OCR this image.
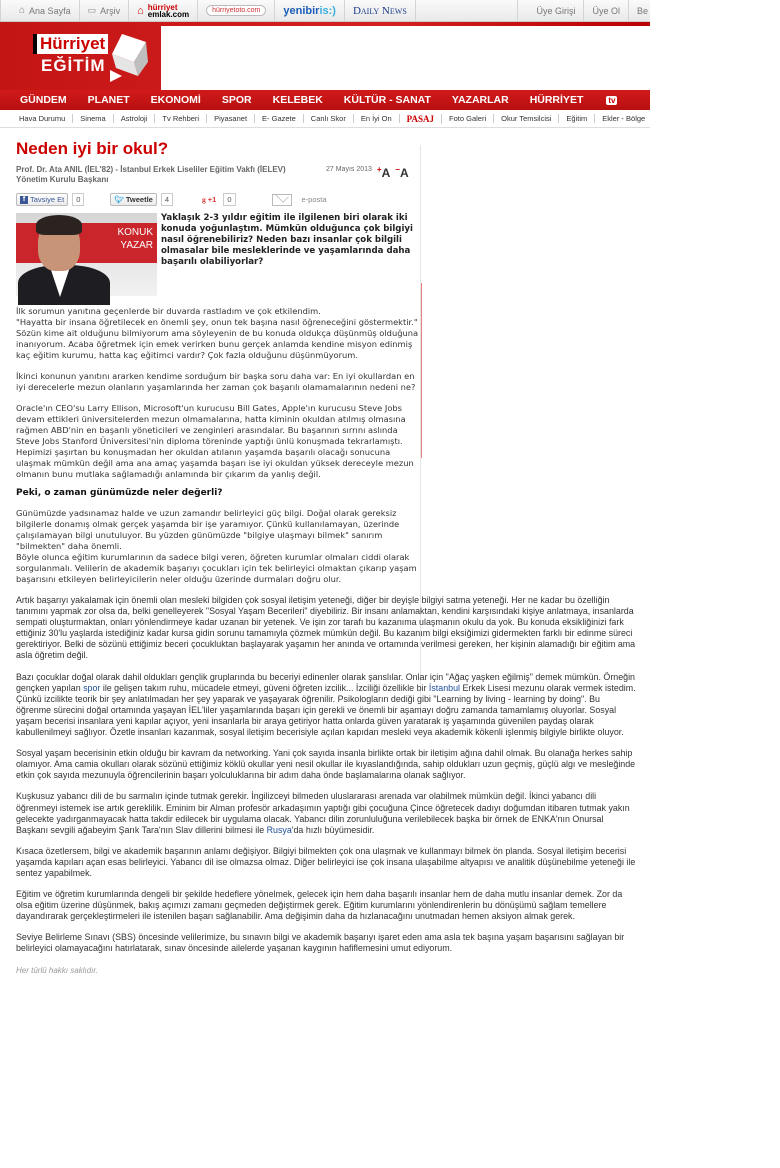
⌂ Ana Sayfa ▭ Arşiv ⌂ hürriyet
emlak.com	hürriyetoto.com	yenibiris:) Daily News	Üye Girişi Üye Ol Be
Hürriyet
EĞİTİM
GÜNDEM PLANET EKONOMİ SPOR KELEBEK KÜLTÜR - SANAT YAZARLAR HÜRRİYET	tv	SAĞLIK - YAŞAM TE
Hava Durumu	Sinema	Astroloji	Tv Rehberi	Piyasanet	E- Gazete	Canlı Skor	En İyi On	PASAJ	Foto Galeri	Okur Temsilcisi	Eğitim	Ekler - Bölge
Neden iyi bir okul?
Prof. Dr. Ata ANIL (İEL'82) - İstanbul Erkek Liseliler Eğitim Vakfı (İELEV) Yönetim Kurulu Başkanı
27 Mayıs 2013 +A −A
f Tavsiye Et	0	🐦︎ Tweetle	4	g +1	0	e-posta
KONUK
YAZAR
Yaklaşık 2-3 yıldır eğitim ile ilgilenen biri olarak iki konuda yoğunlaştım. Mümkün olduğunca çok bilgiyi nasıl öğrenebiliriz? Neden bazı insanlar çok bilgili olmasalar bile mesleklerinde ve yaşamlarında daha başarılı olabiliyorlar?
İlk sorumun yanıtına geçenlerde bir duvarda rastladım ve çok etkilendim.
"Hayatta bir insana öğretilecek en önemli şey, onun tek başına nasıl öğreneceğini göstermektir."
Sözün kime ait olduğunu bilmiyorum ama söyleyenin de bu konuda oldukça düşünmüş olduğuna inanıyorum. Acaba öğretmek için emek verirken bunu gerçek anlamda kendine misyon edinmiş kaç eğitim kurumu, hatta kaç eğitimci vardır? Çok fazla olduğunu düşünmüyorum.
İkinci konunun yanıtını ararken kendime sorduğum bir başka soru daha var: En iyi okullardan en iyi derecelerle mezun olanların yaşamlarında her zaman çok başarılı olamamalarının nedeni ne?
Oracle'ın CEO'su Larry Ellison, Microsoft'un kurucusu Bill Gates, Apple'ın kurucusu Steve Jobs devam ettikleri üniversitelerden mezun olmamalarına, hatta kiminin okuldan atılmış olmasına rağmen ABD'nin en başarılı yöneticileri ve zenginleri arasındalar. Bu başarının sırrını aslında Steve Jobs Stanford Üniversitesi'nin diploma töreninde yaptığı ünlü konuşmada tekrarlamıştı. Hepimizi şaşırtan bu konuşmadan her okuldan atılanın yaşamda başarılı olacağı sonucuna ulaşmak mümkün değil ama ana amaç yaşamda başarı ise iyi okuldan yüksek dereceyle mezun olmanın bunu mutlaka sağlamadığı anlamında bir çıkarım da yanlış değil.
Peki, o zaman günümüzde neler değerli?
Günümüzde yadsınamaz halde ve uzun zamandır belirleyici güç bilgi. Doğal olarak gereksiz bilgilerle donamış olmak gerçek yaşamda bir işe yaramıyor. Çünkü kullanılamayan, üzerinde çalışılamayan bilgi unutuluyor. Bu yüzden günümüzde "bilgiye ulaşmayı bilmek" sanırım "bilmekten" daha önemli.
Böyle olunca eğitim kurumlarının da sadece bilgi veren, öğreten kurumlar olmaları ciddi olarak sorgulanmalı. Velilerin de akademik başarıyı çocukları için tek belirleyici olmaktan çıkarıp yaşam başarısını etkileyen belirleyicilerin neler olduğu üzerinde durmaları doğru olur.
Artık başarıyı yakalamak için önemli olan mesleki bilgiden çok sosyal iletişim yeteneği, diğer bir deyişle bilgiyi satma yeteneği. Her ne kadar bu özelliğin tanımını yapmak zor olsa da, belki genelleyerek "Sosyal Yaşam Becerileri" diyebiliriz. Bir insanı anlamaktan, kendini karşısındaki kişiye anlatmaya, insanlarda sempati oluşturmaktan, onları yönlendirmeye kadar uzanan bir yetenek. Ve işin zor tarafı bu kazanıma ulaşmanın okulu da yok. Bu konuda eksikliğinizi fark ettiğiniz 30'lu yaşlarda istediğiniz kadar kursa gidin sorunu tamamıyla çözmek mümkün değil. Bu kazanım bilgi eksiğimizi gidermekten farklı bir edinme süreci gerektiriyor. Belki de sözünü ettiğimiz beceri çocukluktan başlayarak yaşamın her anında ve ortamında verilmesi gereken, her kişinin alamadığı bir eğitim ama asla öğretim değil.
Bazı çocuklar doğal olarak dahil oldukları gençlik gruplarında bu beceriyi edinenler olarak şanslılar. Onlar için "Ağaç yaşken eğilmiş" demek mümkün. Örneğin gençken yapılan spor ile gelişen takım ruhu, mücadele etmeyi, güveni öğreten izcilik... İzciliği özellikle bir İstanbul Erkek Lisesi mezunu olarak vermek istedim. Çünkü izcilikte teorik bir şey anlatılmadan her şey yaparak ve yaşayarak öğrenilir. Psikologların dediği gibi "Learning by living - learning by doing". Bu öğrenme sürecini doğal ortamında yaşayan İEL'liler yaşamlarında başarı için gerekli ve önemli bir aşamayı doğru zamanda tamamlamış oluyorlar. Sosyal yaşam becerisi insanlara yeni kapılar açıyor, yeni insanlarla bir araya getiriyor hatta onlarda güven yaratarak iş yaşamında güvenilen paydaş olarak kabullenilmeyi sağlıyor. Özetle insanları kazanmak, sosyal iletişim becerisiyle açılan kapıdan mesleki veya akademik kökenli işlenmiş bilgiyle birlikte oluyor.
Sosyal yaşam becerisinin etkin olduğu bir kavram da networking. Yani çok sayıda insanla birlikte ortak bir iletişim ağına dahil olmak. Bu olanağa herkes sahip olamıyor. Ama camia okulları olarak sözünü ettiğimiz köklü okullar yeni nesil okullar ile kıyaslandığında, sahip oldukları uzun geçmiş, güçlü algı ve mesleğinde etkin çok sayıda mezunuyla öğrencilerinin başarı yolculuklarına bir adım daha önde başlamalarına olanak sağlıyor.
Kuşkusuz yabancı dili de bu sarmalın içinde tutmak gerekir. İngilizceyi bilmeden uluslararası arenada var olabilmek mümkün değil. İkinci yabancı dili öğrenmeyi istemek ise artık gereklilik. Eminim bir Alman profesör arkadaşımın yaptığı gibi çocuğuna Çince öğretecek dadıyı doğumdan itibaren tutmak yakın gelecekte yadırganmayacak hatta takdir edilecek bir uygulama olacak. Yabancı dilin zorunluluğuna verilebilecek başka bir örnek de ENKA'nın Onursal Başkanı sevgili ağabeyim Şarık Tara'nın Slav dillerini bilmesi ile Rusya'da hızlı büyümesidir.
Kısaca özetlersem, bilgi ve akademik başarının anlamı değişiyor. Bilgiyi bilmekten çok ona ulaşmak ve kullanmayı bilmek ön planda. Sosyal iletişim becerisi yaşamda kapıları açan esas belirleyici. Yabancı dil ise olmazsa olmaz. Diğer belirleyici ise çok insana ulaşabilme altyapısı ve analitik düşünebilme yeteneği ile sentez yapabilmek.
Eğitim ve öğretim kurumlarında dengeli bir şekilde hedeflere yönelmek, gelecek için hem daha başarılı insanlar hem de daha mutlu insanlar demek. Zor da olsa eğitim üzerine düşünmek, bakış açımızı zamanı geçmeden değiştirmek gerek. Eğitim kurumlarını yönlendirenlerin bu dönüşümü sağlam temellere dayandırarak gerçekleştirmeleri ile istenilen başarı sağlanabilir. Ama değişimin daha da hızlanacağını unutmadan hemen aksiyon almak gerek.
Seviye Belirleme Sınavı (SBS) öncesinde velilerimize, bu sınavın bilgi ve akademik başarıyı işaret eden ama asla tek başına yaşam başarısını sağlayan bir belirleyici olamayacağını hatırlatarak, sınav öncesinde ailelerde yaşanan kaygının hafiflemesini umut ediyorum.
Her türlü hakkı saklıdır.
